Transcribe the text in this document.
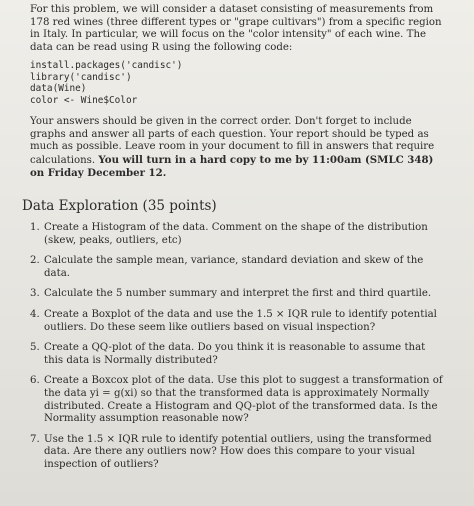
For this problem, we will consider a dataset consisting of measurements from 178 red wines (three different types or "grape cultivars") from a specific region in Italy. In particular, we will focus on the "color intensity" of each wine. The data can be read using R using the following code:

install.packages('candisc')
library('candisc')
data(Wine)
color <- Wine$Color

Your answers should be given in the correct order. Don't forget to include graphs and answer all parts of each question. Your report should be typed as much as possible. Leave room in your document to fill in answers that require calculations. You will turn in a hard copy to me by 11:00am (SMLC 348) on Friday December 12.

Data Exploration (35 points)
1. Create a Histogram of the data. Comment on the shape of the distribution (skew, peaks, outliers, etc)
2. Calculate the sample mean, variance, standard deviation and skew of the data.
3. Calculate the 5 number summary and interpret the first and third quartile.
4. Create a Boxplot of the data and use the 1.5 × IQR rule to identify potential outliers. Do these seem like outliers based on visual inspection?
5. Create a QQ-plot of the data. Do you think it is reasonable to assume that this data is Normally distributed?
6. Create a Boxcox plot of the data. Use this plot to suggest a transformation of the data yi = g(xi) so that the transformed data is approximately Normally distributed. Create a Histogram and QQ-plot of the transformed data. Is the Normality assumption reasonable now?
7. Use the 1.5 × IQR rule to identify potential outliers, using the transformed data. Are there any outliers now? How does this compare to your visual inspection of outliers?
